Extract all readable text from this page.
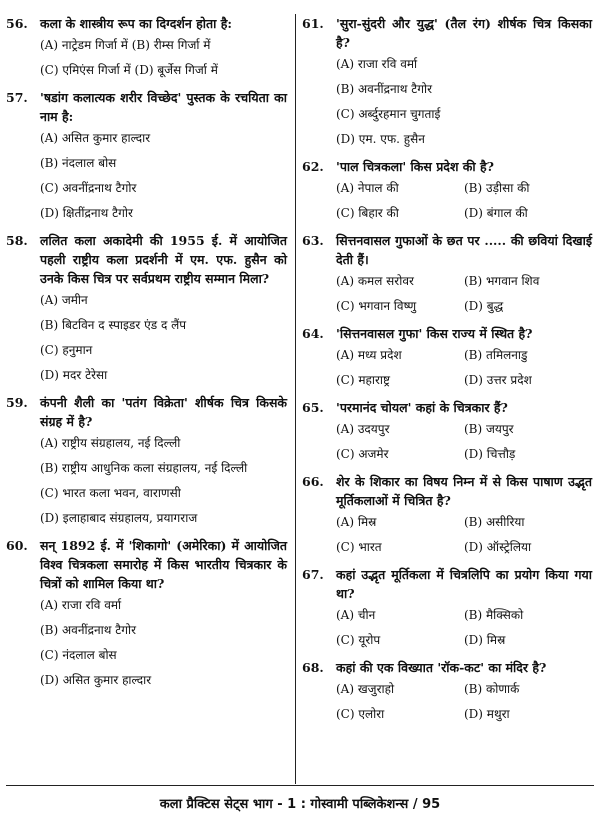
56. कला के शास्त्रीय रूप का दिग्दर्शन होता है:
(A) नाट्रेडम गिर्जा में (B) रीम्स गिर्जा में
(C) एमिएंस गिर्जा में (D) बूर्जेस गिर्जा में
57. 'षडांग कलात्यक शरीर विच्छेद' पुस्तक के रचयिता का नाम है:
(A) असित कुमार हाल्दार
(B) नंदलाल बोस
(C) अवनींद्रनाथ टैगोर
(D) क्षितींद्रनाथ टैगोर
58. ललित कला अकादेमी की 1955 ई. में आयोजित पहली राष्ट्रीय कला प्रदर्शनी में एम. एफ. हुसैन को उनके किस चित्र पर सर्वप्रथम राष्ट्रीय सम्मान मिला?
(A) जमीन
(B) बिटविन द स्पाइडर एंड द लैंप
(C) हनुमान
(D) मदर टेरेसा
59. कंपनी शैली का 'पतंग विक्रेता' शीर्षक चित्र किसके संग्रह में है?
(A) राष्ट्रीय संग्रहालय, नई दिल्ली
(B) राष्ट्रीय आधुनिक कला संग्रहालय, नई दिल्ली
(C) भारत कला भवन, वाराणसी
(D) इलाहाबाद संग्रहालय, प्रयागराज
60. सन् 1892 ई. में 'शिकागो' (अमेरिका) में आयोजित विश्व चित्रकला समारोह में किस भारतीय चित्रकार के चित्रों को शामिल किया था?
(A) राजा रवि वर्मा
(B) अवनींद्रनाथ टैगोर
(C) नंदलाल बोस
(D) असित कुमार हाल्दार
61. 'सुरा-सुंदरी और युद्ध' (तैल रंग) शीर्षक चित्र किसका है?
(A) राजा रवि वर्मा
(B) अवनींद्रनाथ टैगोर
(C) अर्ब्दुरहमान चुगताई
(D) एम. एफ. हुसैन
62. 'पाल चित्रकला' किस प्रदेश की है?
(A) नेपाल की	(B) उड़ीसा की
(C) बिहार की	(D) बंगाल की
63. सित्तनवासल गुफाओं के छत पर ..... की छवियां दिखाई देती हैं।
(A) कमल सरोवर	(B) भगवान शिव
(C) भगवान विष्णु	(D) बुद्ध
64. 'सित्तनवासल गुफा' किस राज्य में स्थित है?
(A) मध्य प्रदेश	(B) तमिलनाडु
(C) महाराष्ट्र	(D) उत्तर प्रदेश
65. 'परमानंद चोयल' कहां के चित्रकार हैं?
(A) उदयपुर	(B) जयपुर
(C) अजमेर	(D) चित्तौड़
66. शेर के शिकार का विषय निम्न में से किस पाषाण उद्भृत मूर्तिकलाओं में चित्रित है?
(A) मिस्र	(B) असीरिया
(C) भारत	(D) ऑस्ट्रेलिया
67. कहां उद्भृत मूर्तिकला में चित्रलिपि का प्रयोग किया गया था?
(A) चीन	(B) मैक्सिको
(C) यूरोप	(D) मिस्र
68. कहां की एक विख्यात 'रॉक-कट' का मंदिर है?
(A) खजुराहो	(B) कोणार्क
(C) एलोरा	(D) मथुरा
कला प्रैक्टिस सेट्स भाग - 1 : गोस्वामी पब्लिकेशन्स / 95
